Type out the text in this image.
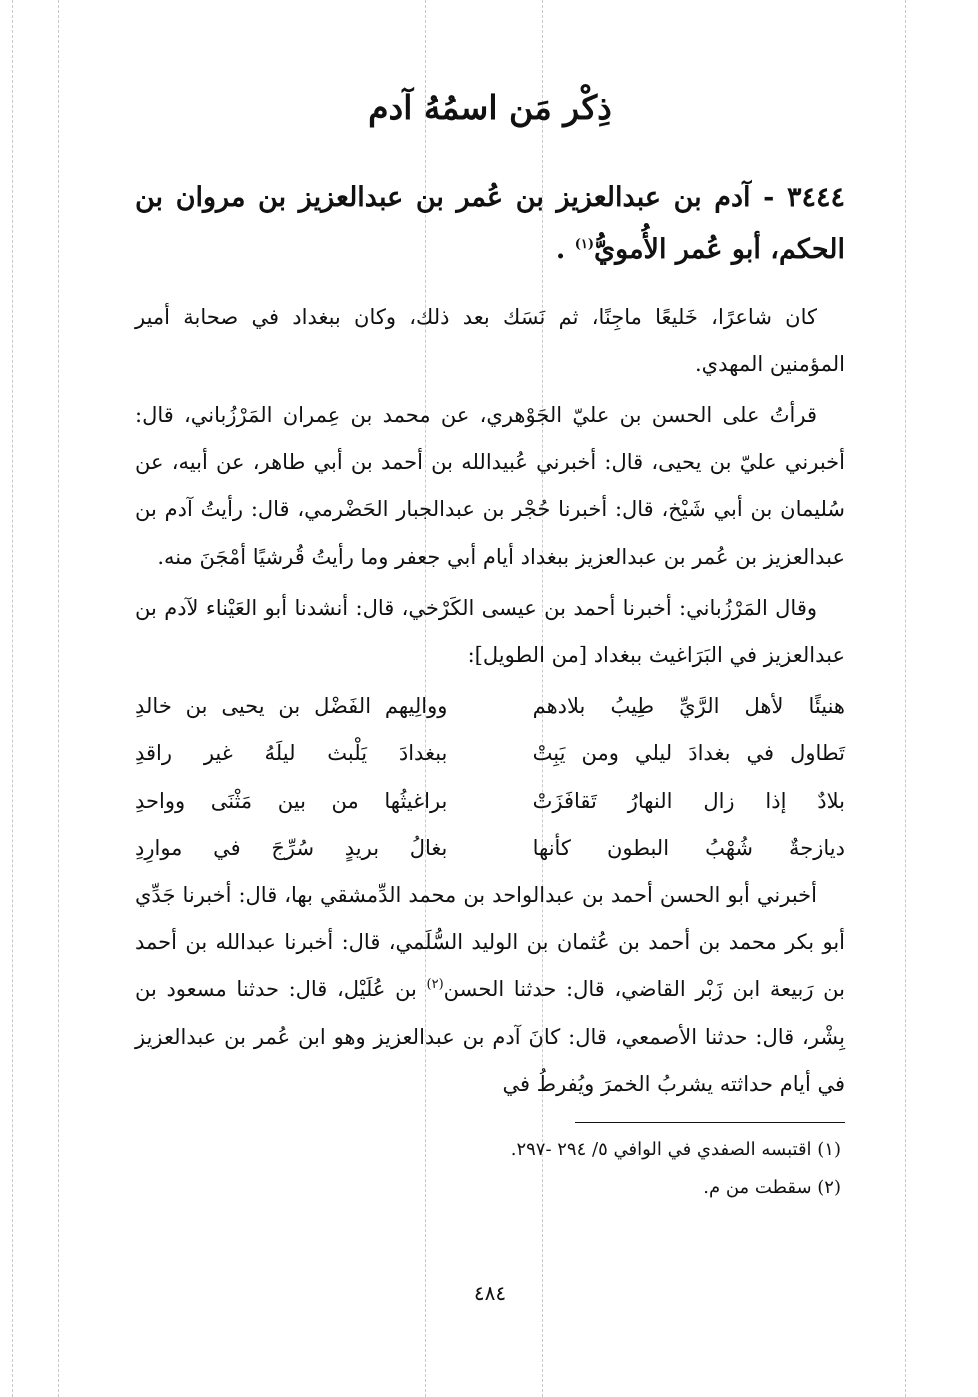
ذِكْر مَن اسمُهُ آدم
٣٤٤٤ - آدم بن عبدالعزيز بن عُمر بن عبدالعزيز بن مروان بن الحكم، أبو عُمر الأُمويُّ$^{(١)}$ .

كان شاعرًا، خَليعًا ماجِنًا، ثم نَسَك بعد ذلك، وكان ببغداد في صحابة أمير المؤمنين المهدي.

قرأتُ على الحسن بن عليّ الجَوْهري، عن محمد بن عِمران المَرْزُباني، قال: أخبرني عليّ بن يحيى، قال: أخبرني عُبيدالله بن أحمد بن أبي طاهر، عن أبيه، عن سُليمان بن أبي شَيْخ، قال: أخبرنا حُجْر بن عبدالجبار الحَضْرمي، قال: رأيتُ آدم بن عبدالعزيز بن عُمر بن عبدالعزيز ببغداد أيام أبي جعفر وما رأيتُ قُرشيًا أمْجَنَ منه.

وقال المَرْزُباني: أخبرنا أحمد بن عيسى الكَرْخي، قال: أنشدنا أبو العَيْناء لآدم بن عبدالعزيز في البَرَاغيث ببغداد [من الطويل]:

هنيئًا لأهل الرَّيِّ طِيبُ بلادهم
ووالِيهم الفَضْل بن يحيى بن خالدِ
تَطاول في بغدادَ ليلي ومن يَبِتْ
ببغدادَ يَلْبث ليلَهُ غير راقدِ
بلادٌ إذا زال النهارُ تَقافَزَتْ
براغيثُها من بين مَثْنَى وواحدِ
ديازجةٌ شُهْبُ البطون كأنها
بغالُ بريدٍ سُرِّجَ في موارِدِ

أخبرني أبو الحسن أحمد بن عبدالواحد بن محمد الدِّمشقي بها، قال: أخبرنا جَدِّي أبو بكر محمد بن أحمد بن عُثمان بن الوليد السُّلَمي، قال: أخبرنا عبدالله بن أحمد بن رَبيعة ابن زَبْر القاضي، قال: حدثنا الحسن$^{(٢)}$ بن عُلَيْل، قال: حدثنا مسعود بن بِشْر، قال: حدثنا الأصمعي، قال: كانَ آدم بن عبدالعزيز وهو ابن عُمر بن عبدالعزيز في أيام حداثته يشربُ الخمرَ ويُفرطُ في

(١) اقتبسه الصفدي في الوافي ٥/ ٢٩٤ -٢٩٧.
(٢) سقطت من م.
٤٨٤
